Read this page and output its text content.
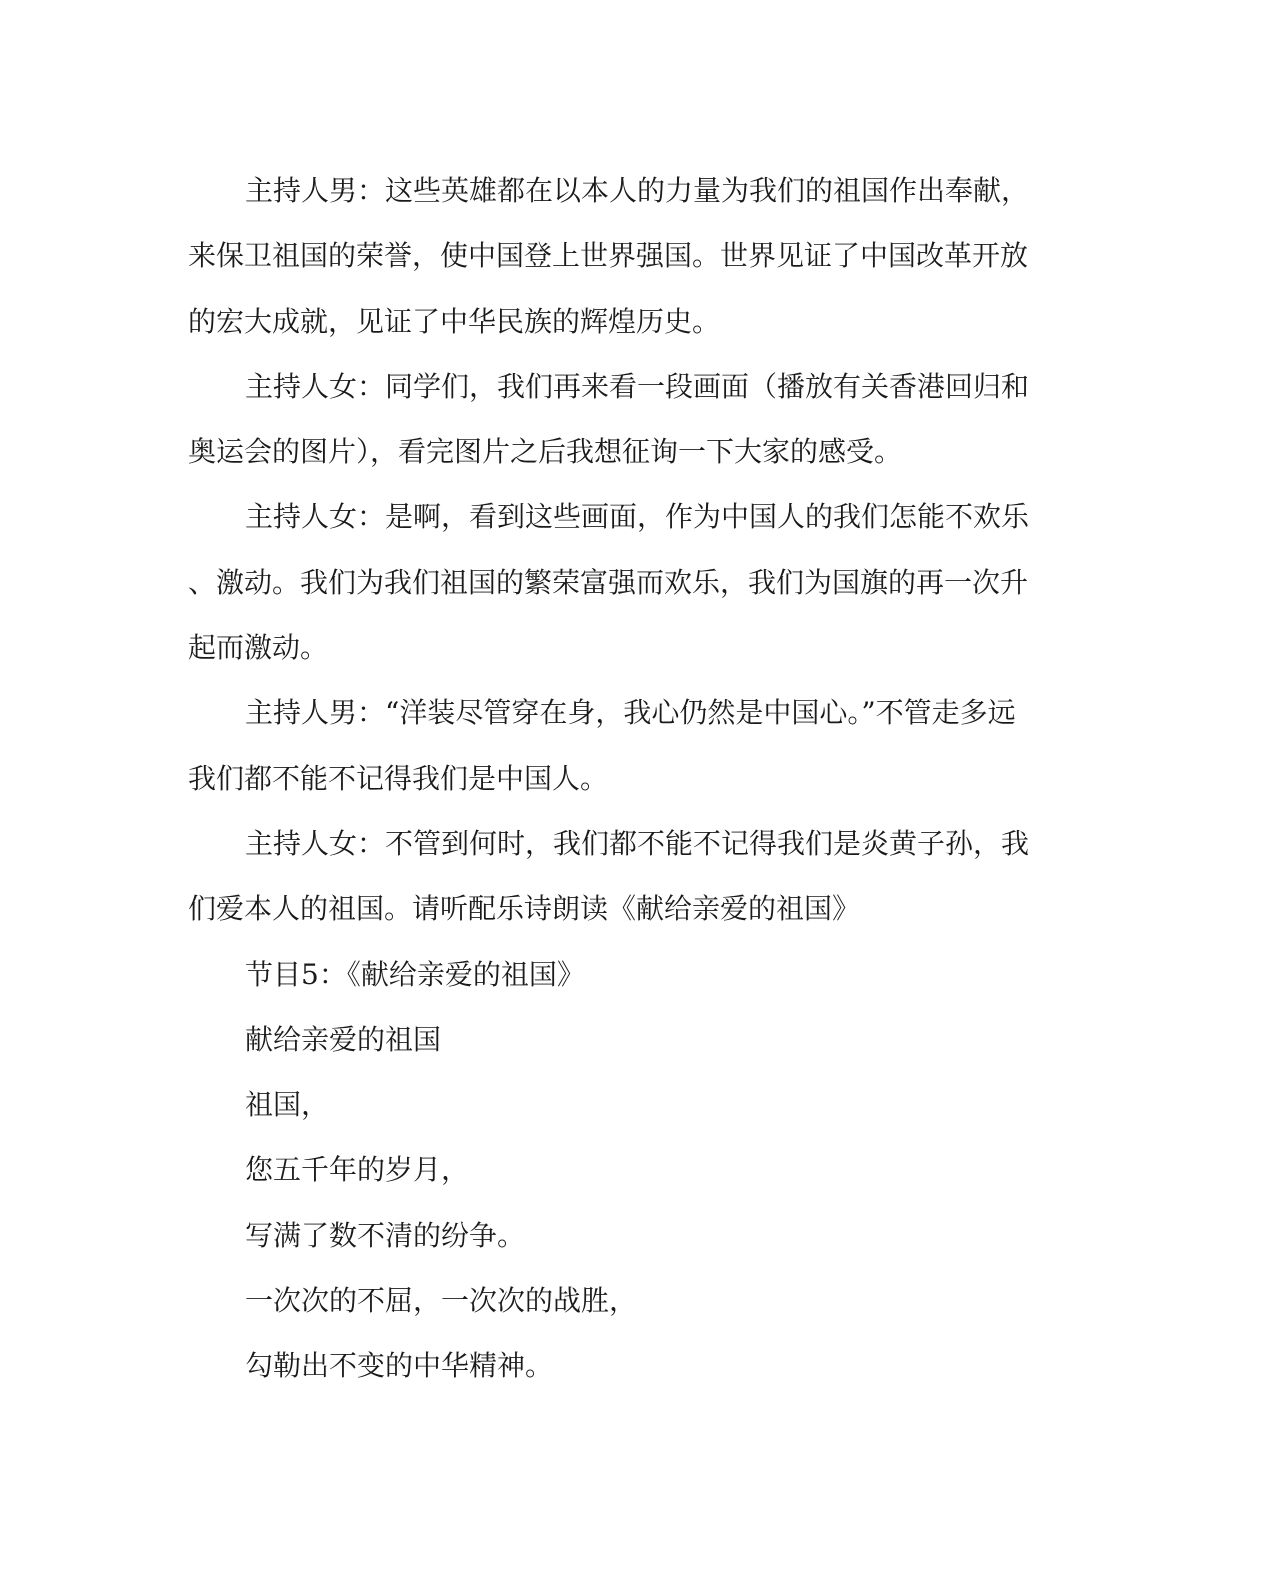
主持人男：这些英雄都在以本人的力量为我们的祖国作出奉献，
来保卫祖国的荣誉，使中国登上世界强国。世界见证了中国改革开放
的宏大成就，见证了中华民族的辉煌历史。
主持人女：同学们，我们再来看一段画面（播放有关香港回归和
奥运会的图片），看完图片之后我想征询一下大家的感受。
主持人女：是啊，看到这些画面，作为中国人的我们怎能不欢乐
、激动。我们为我们祖国的繁荣富强而欢乐，我们为国旗的再一次升
起而激动。
主持人男：“洋装尽管穿在身，我心仍然是中国心。”不管走多远
我们都不能不记得我们是中国人。
主持人女：不管到何时，我们都不能不记得我们是炎黄子孙，我
们爱本人的祖国。请听配乐诗朗读《献给亲爱的祖国》
节目5：《献给亲爱的祖国》
献给亲爱的祖国
祖国，
您五千年的岁月，
写满了数不清的纷争。
一次次的不屈，一次次的战胜，
勾勒出不变的中华精神。
